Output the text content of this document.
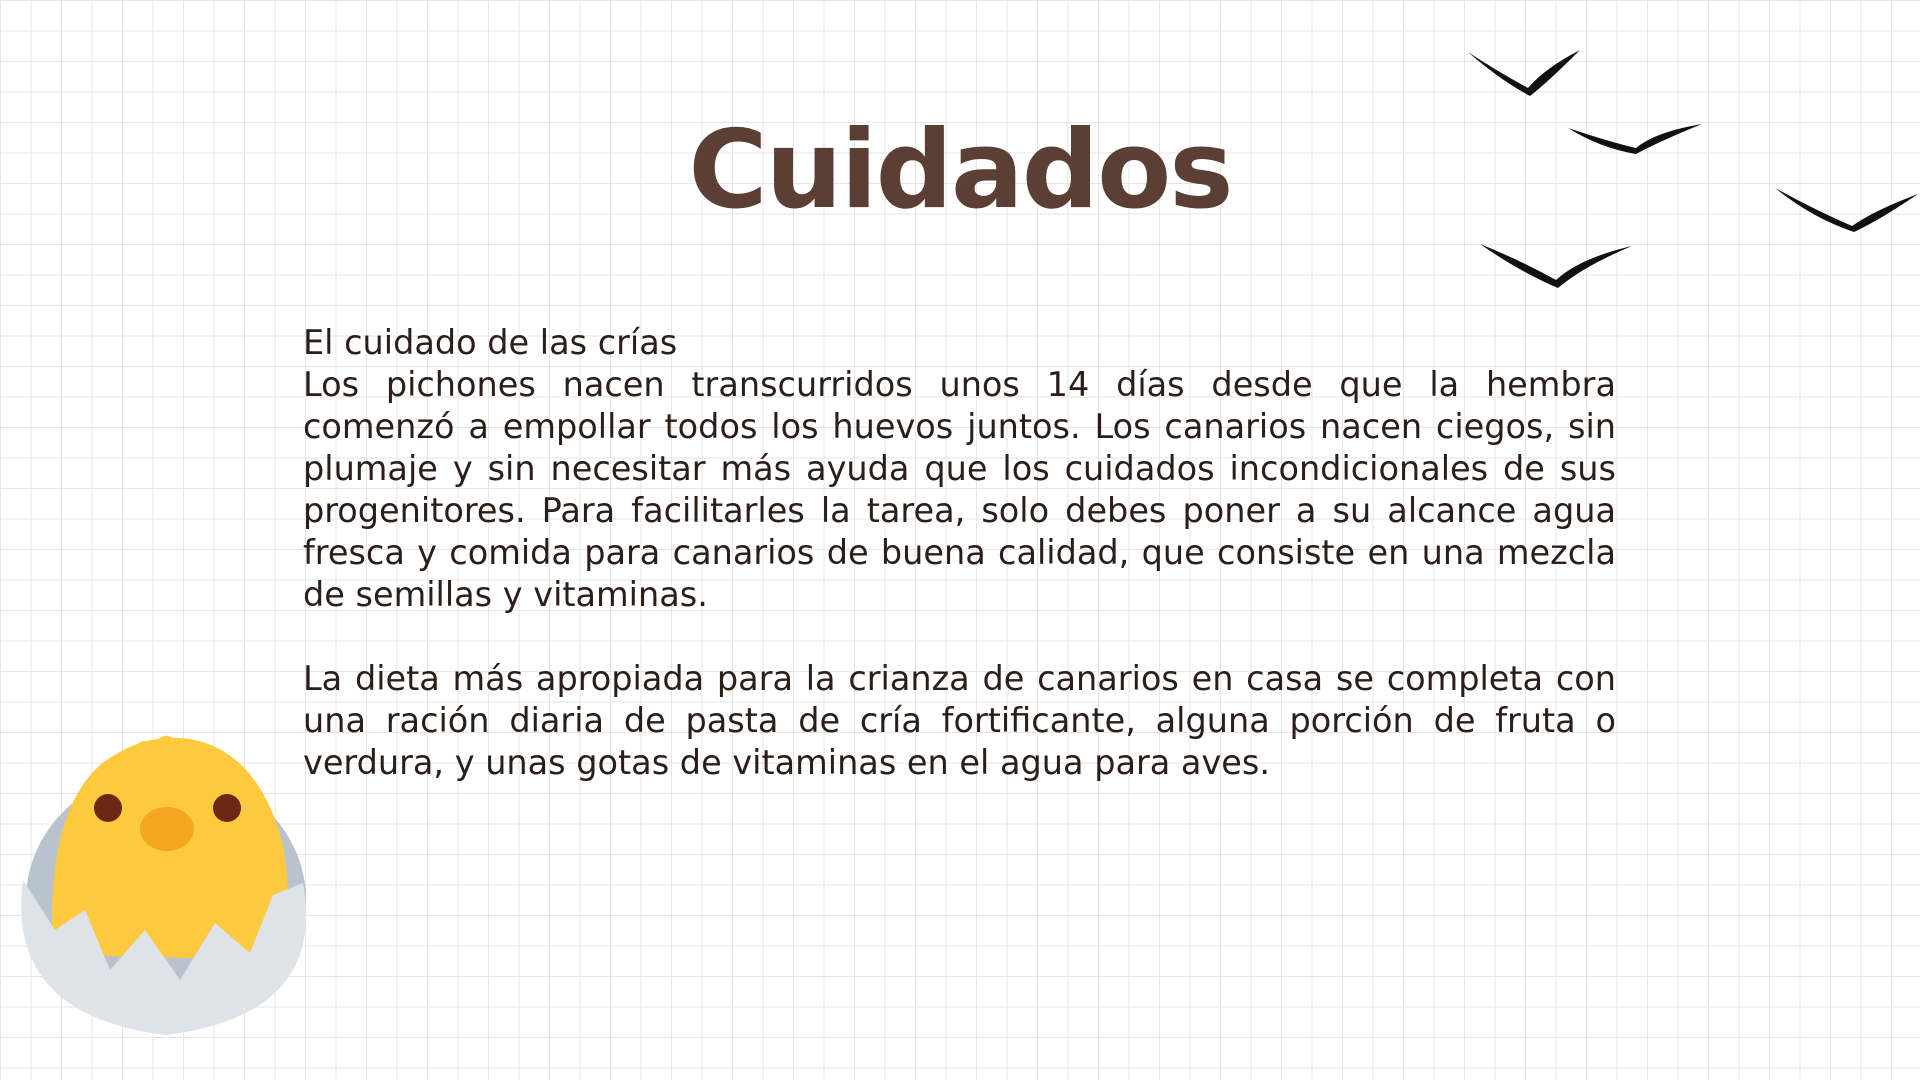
Cuidados

El cuidado de las crías

Los pichones nacen transcurridos unos 14 días desde que la hembra comenzó a empollar todos los huevos juntos. Los canarios nacen ciegos, sin plumaje y sin necesitar más ayuda que los cuidados incondicionales de sus progenitores. Para facilitarles la tarea, solo debes poner a su alcance agua fresca y comida para canarios de buena calidad, que consiste en una mezcla de semillas y vitaminas.

La dieta más apropiada para la crianza de canarios en casa se completa con una ración diaria de pasta de cría fortificante, alguna porción de fruta o verdura, y unas gotas de vitaminas en el agua para aves.
